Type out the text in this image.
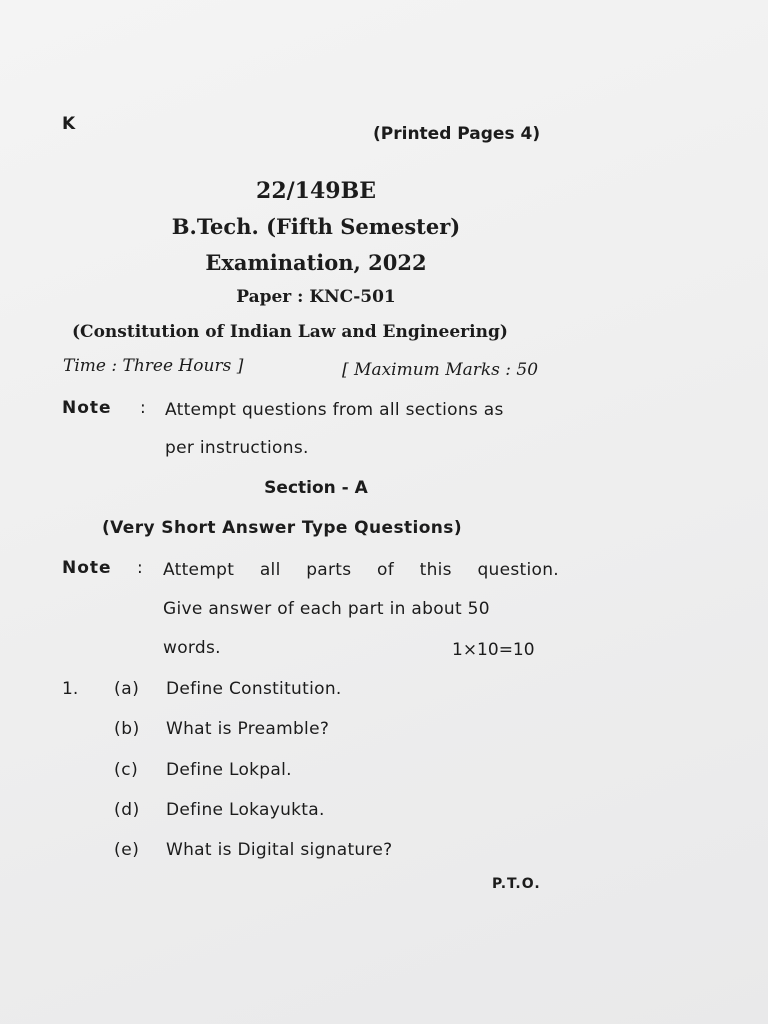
K	(Printed Pages 4)
22/149BE
B.Tech. (Fifth Semester)
Examination, 2022
Paper : KNC-501
(Constitution of Indian Law and Engineering)
Time : Three Hours ]	[ Maximum Marks : 50
Note : Attempt questions from all sections as
per instructions.
Section - A
(Very Short Answer Type Questions)
Note : Attempt all parts of this question.
Give answer of each part in about 50
words.	1×10=10
1. (a) Define Constitution.
(b) What is Preamble?
(c) Define Lokpal.
(d) Define Lokayukta.
(e) What is Digital signature?
P.T.O.
